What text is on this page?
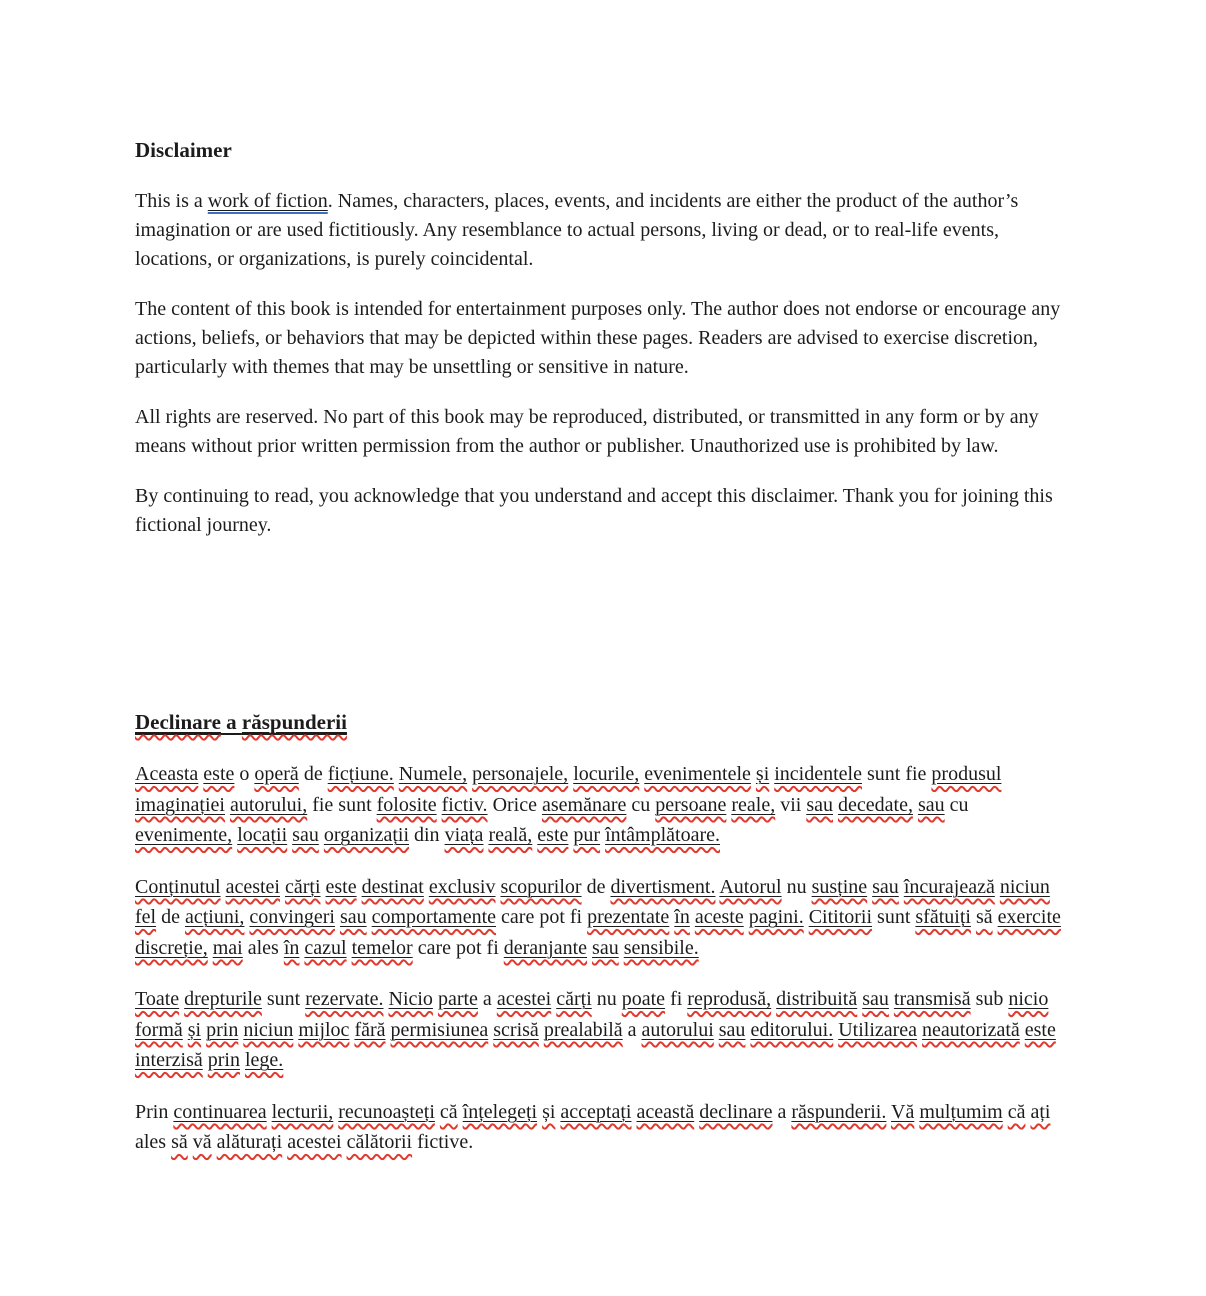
Disclaimer

This is a work of fiction. Names, characters, places, events, and incidents are either the product of the author’s imagination or are used fictitiously. Any resemblance to actual persons, living or dead, or to real-life events, locations, or organizations, is purely coincidental.

The content of this book is intended for entertainment purposes only. The author does not endorse or encourage any actions, beliefs, or behaviors that may be depicted within these pages. Readers are advised to exercise discretion, particularly with themes that may be unsettling or sensitive in nature.

All rights are reserved. No part of this book may be reproduced, distributed, or transmitted in any form or by any means without prior written permission from the author or publisher. Unauthorized use is prohibited by law.

By continuing to read, you acknowledge that you understand and accept this disclaimer. Thank you for joining this fictional journey.

Declinare a răspunderii

Aceasta este o operă de ficțiune. Numele, personajele, locurile, evenimentele și incidentele sunt fie produsul imaginației autorului, fie sunt folosite fictiv. Orice asemănare cu persoane reale, vii sau decedate, sau cu evenimente, locații sau organizații din viața reală, este pur întâmplătoare.

Conținutul acestei cărți este destinat exclusiv scopurilor de divertisment. Autorul nu susține sau încurajează niciun fel de acțiuni, convingeri sau comportamente care pot fi prezentate în aceste pagini. Cititorii sunt sfătuiți să exercite discreție, mai ales în cazul temelor care pot fi deranjante sau sensibile.

Toate drepturile sunt rezervate. Nicio parte a acestei cărți nu poate fi reprodusă, distribuită sau transmisă sub nicio formă și prin niciun mijloc fără permisiunea scrisă prealabilă a autorului sau editorului. Utilizarea neautorizată este interzisă prin lege.

Prin continuarea lecturii, recunoașteți că înțelegeți și acceptați această declinare a răspunderii. Vă mulțumim că ați ales să vă alăturați acestei călătorii fictive.
